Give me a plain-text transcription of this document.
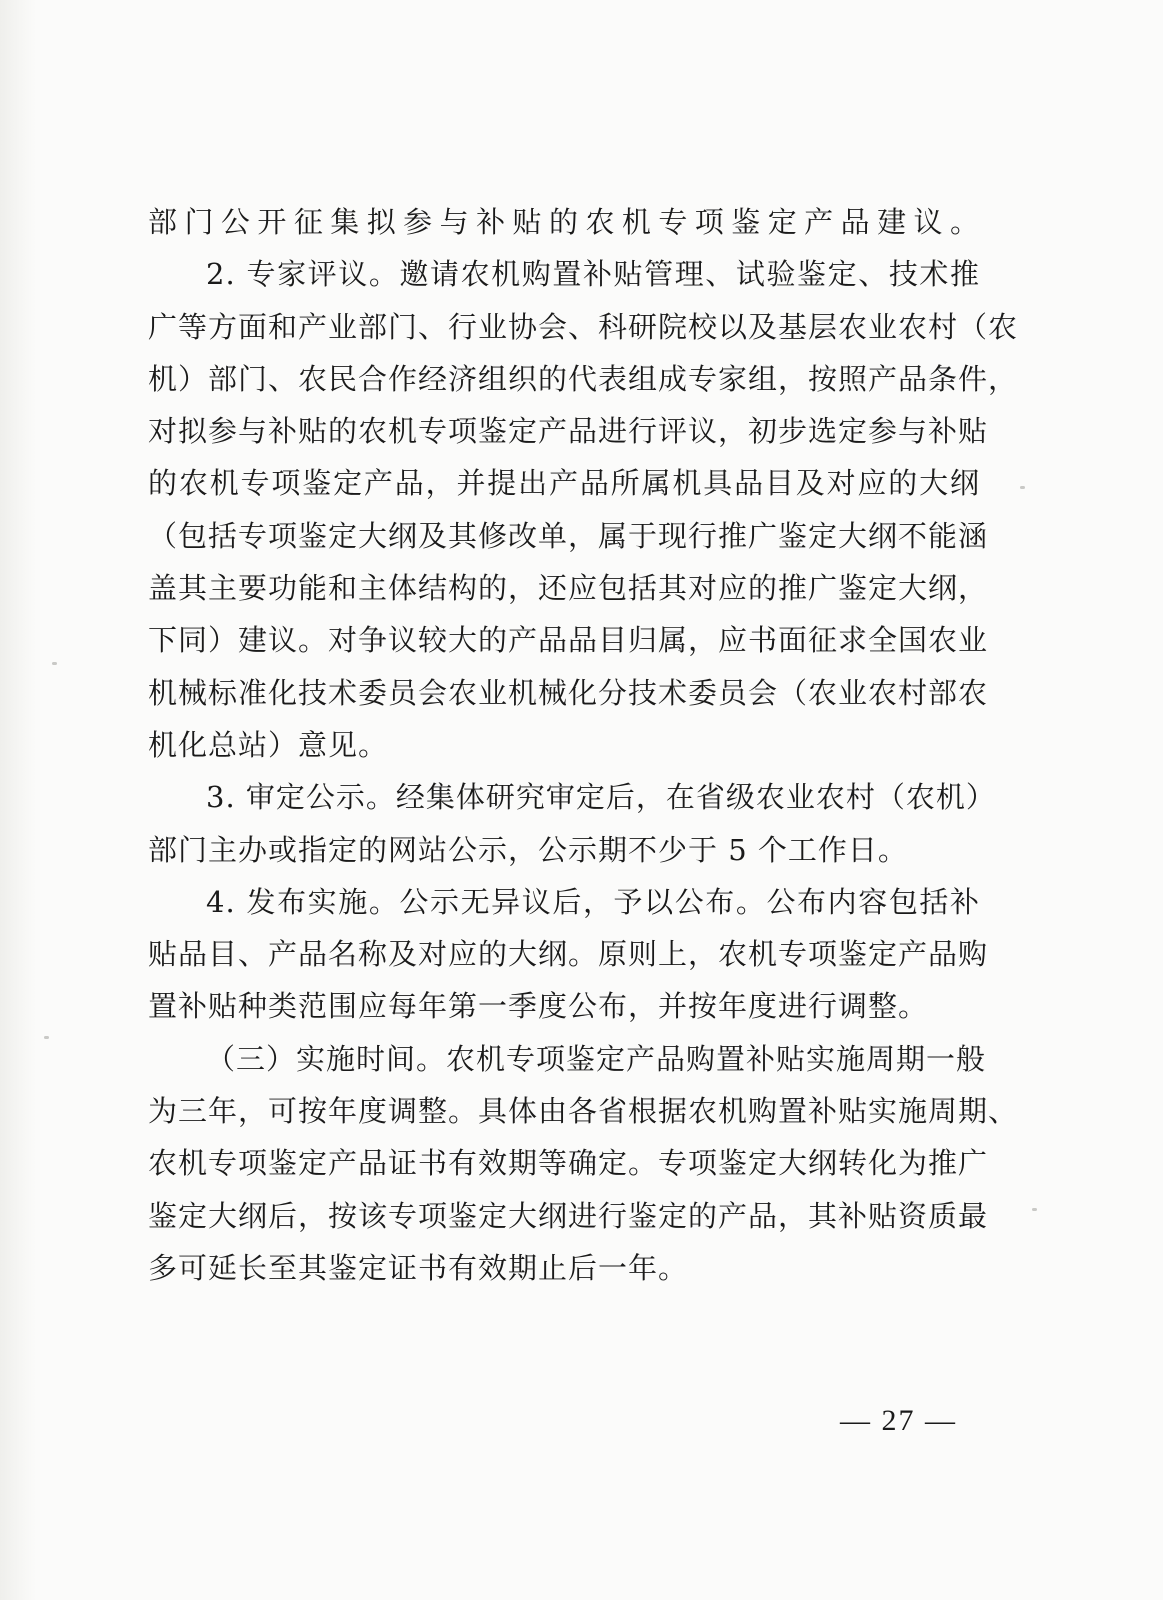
部门公开征集拟参与补贴的农机专项鉴定产品建议。
2. 专家评议。邀请农机购置补贴管理、试验鉴定、技术推
广等方面和产业部门、行业协会、科研院校以及基层农业农村（农
机）部门、农民合作经济组织的代表组成专家组，按照产品条件，
对拟参与补贴的农机专项鉴定产品进行评议，初步选定参与补贴
的农机专项鉴定产品，并提出产品所属机具品目及对应的大纲
（包括专项鉴定大纲及其修改单，属于现行推广鉴定大纲不能涵
盖其主要功能和主体结构的，还应包括其对应的推广鉴定大纲，
下同）建议。对争议较大的产品品目归属，应书面征求全国农业
机械标准化技术委员会农业机械化分技术委员会（农业农村部农
机化总站）意见。
3. 审定公示。经集体研究审定后，在省级农业农村（农机）
部门主办或指定的网站公示，公示期不少于 5 个工作日。
4. 发布实施。公示无异议后，予以公布。公布内容包括补
贴品目、产品名称及对应的大纲。原则上，农机专项鉴定产品购
置补贴种类范围应每年第一季度公布，并按年度进行调整。
（三）实施时间。农机专项鉴定产品购置补贴实施周期一般
为三年，可按年度调整。具体由各省根据农机购置补贴实施周期、
农机专项鉴定产品证书有效期等确定。专项鉴定大纲转化为推广
鉴定大纲后，按该专项鉴定大纲进行鉴定的产品，其补贴资质最
多可延长至其鉴定证书有效期止后一年。
— 27 —
